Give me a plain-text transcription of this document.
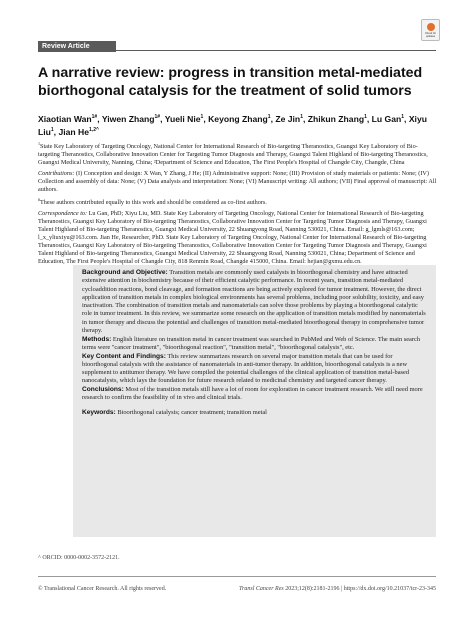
Review Article
Check for updates
A narrative review: progress in transition metal-mediated biorthogonal catalysis for the treatment of solid tumors
Xiaotian Wan$^{1\#}$, Yiwen Zhang$^{1\#}$, Yueli Nie$^1$, Keyong Zhang$^1$, Ze Jin$^1$, Zhikun Zhang$^1$, Lu Gan$^1$, Xiyu Liu$^1$, Jian $He^{1,2\^{}}$

$^1$State Key Laboratory of Targeting Oncology, National Center for International Research of Bio-targeting Theranostics, Guangxi Key Laboratory of Bio-targeting Theranostics, Collaborative Innovation Center for Targeting Tumor Diagnosis and Therapy, Guangxi Talent Highland of Bio-targeting Theranostics, Guangxi Medical University, Nanning, China; ²Department of Science and Education, The First People's Hospital of Changde City, Changde, China

Contributions: (I) Conception and design: X Wan, Y Zhang, J He; (II) Administrative support: None; (III) Provision of study materials or patients: None; (IV) Collection and assembly of data: None; (V) Data analysis and interpretation: None; (VI) Manuscript writing: All authors; (VII) Final approval of manuscript: All authors.

#These authors contributed equally to this work and should be considered as co-first authors.

Correspondence to: Lu Gan, PhD; Xiyu Liu, MD. State Key Laboratory of Targeting Oncology, National Center for International Research of Bio-targeting Theranostics, Guangxi Key Laboratory of Bio-targeting Theranostics, Collaborative Innovation Center for Targeting Tumor Diagnosis and Therapy, Guangxi Talent Highland of Bio-targeting Theranostics, Guangxi Medical University, 22 Shuangyong Road, Nanning 530021, China. Email: g_lgmls@163.com; l_x_yliuxiyu@163.com. Jian He, Researcher, PhD. State Key Laboratory of Targeting Oncology, National Center for International Research of Bio-targeting Theranostics, Guangxi Key Laboratory of Bio-targeting Theranostics, Collaborative Innovation Center for Targeting Tumor Diagnosis and Therapy, Guangxi Talent Highland of Bio-targeting Theranostics, Guangxi Medical University, 22 Shuangyong Road, Nanning 530021, China; Department of Science and Education, The First People's Hospital of Changde City, 818 Renmin Road, Changde 415000, China. Email: hejian@gxmu.edu.cn.

Background and Objective: Transition metals are commonly used catalysts in bioorthogonal chemistry and have attracted extensive attention in biochemistry because of their efficient catalytic performance. In recent years, transition metal-mediated cycloaddition reactions, bond cleavage, and formation reactions are being actively explored for tumor treatment. However, the direct application of transition metals in complex biological environments has several problems, including poor solubility, toxicity, and easy inactivation. The combination of transition metals and nanomaterials can solve those problems by playing a bioorthogonal catalytic role in tumor treatment. In this review, we summarize some research on the application of transition metals modified by nanomaterials in tumor therapy and discuss the potential and challenges of transition metal-mediated bioorthogonal therapy in comprehensive tumor therapy.

Methods: English literature on transition metal in cancer treatment was searched in PubMed and Web of Science. The main search terms were "cancer treatment", "bioorthogonal reaction", "transition metal", "bioorthogonal catalysis", etc.

Key Content and Findings: This review summarizes research on several major transition metals that can be used for bioorthogonal catalysis with the assistance of nanomaterials in anti-tumor therapy. In addition, bioorthogonal catalysis is a new supplement to antitumor therapy. We have compiled the potential challenges of the clinical application of transition metal-based nanocatalysts, which lays the foundation for future research related to medicinal chemistry and targeted cancer therapy.

Conclusions: Most of the transition metals still have a lot of room for exploration in cancer treatment research. We still need more research to confirm the feasibility of in vivo and clinical trials.

Keywords: Bioorthogonal catalysis; cancer treatment; transition metal

^ ORCID: 0000-0002-3572-2121.
© Translational Cancer Research. All rights reserved.	Transl Cancer Res 2023;12(8):2181-2196 | https://dx.doi.org/10.21037/tcr-23-345
